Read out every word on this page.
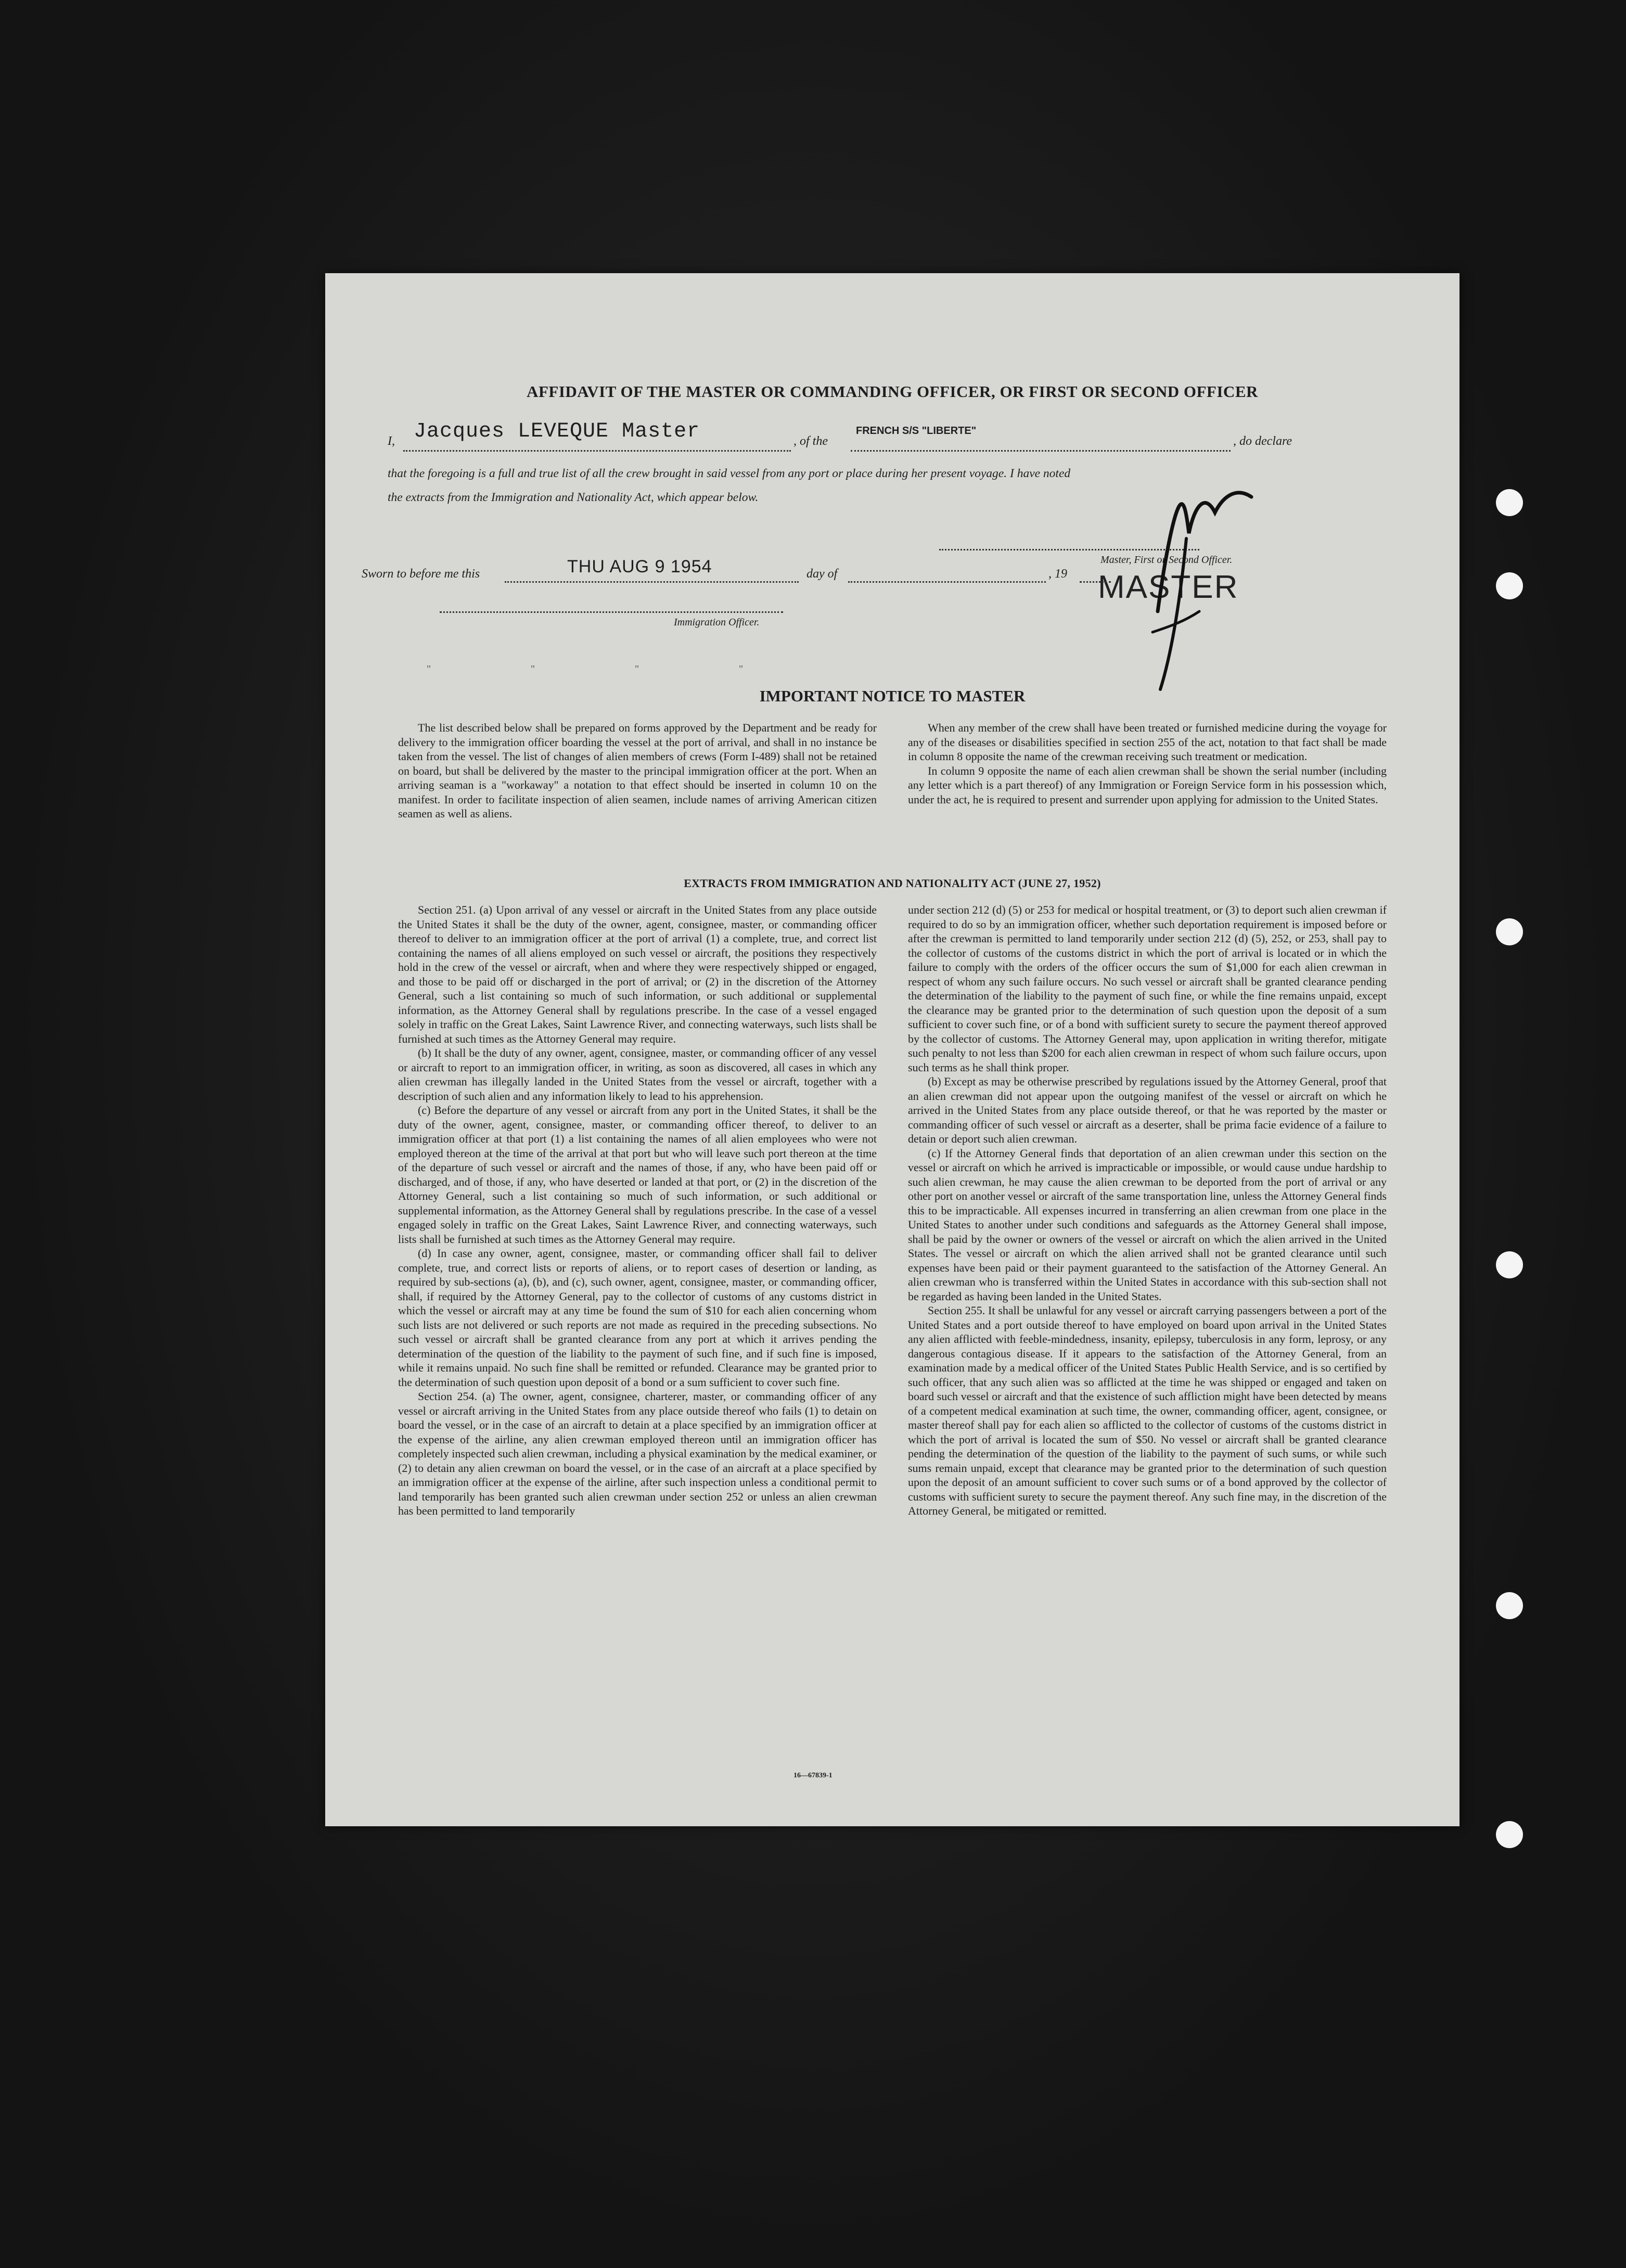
AFFIDAVIT OF THE MASTER OR COMMANDING OFFICER, OR FIRST OR SECOND OFFICER
I, Jacques LEVEQUE Master	, of the
FRENCH S/S "LIBERTE"
, do declare
that the foregoing is a full and true list of all the crew brought in said vessel from any port or place during her present voyage. I have noted
the extracts from the Immigration and Nationality Act, which appear below.
Master, First or Second Officer.
MASTER
Sworn to before me this	THU AUG 9 1954	day of	, 19
Immigration Officer.
"	"	"	"
IMPORTANT NOTICE TO MASTER

The list described below shall be prepared on forms approved by the Department and be ready for delivery to the immigration officer boarding the vessel at the port of arrival, and shall in no instance be taken from the vessel. The list of changes of alien members of crews (Form I-489) shall not be retained on board, but shall be delivered by the master to the principal immigration officer at the port. When an arriving seaman is a "workaway" a notation to that effect should be inserted in column 10 on the manifest. In order to facilitate inspection of alien seamen, include names of arriving American citizen seamen as well as aliens.

When any member of the crew shall have been treated or furnished medicine during the voyage for any of the diseases or disabilities specified in section 255 of the act, notation to that fact shall be made in column 8 opposite the name of the crewman receiving such treatment or medication.

In column 9 opposite the name of each alien crewman shall be shown the serial number (including any letter which is a part thereof) of any Immigration or Foreign Service form in his possession which, under the act, he is required to present and surrender upon applying for admission to the United States.

EXTRACTS FROM IMMIGRATION AND NATIONALITY ACT (JUNE 27, 1952)

Section 251. (a) Upon arrival of any vessel or aircraft in the United States from any place outside the United States it shall be the duty of the owner, agent, consignee, master, or commanding officer thereof to deliver to an immigration officer at the port of arrival (1) a complete, true, and correct list containing the names of all aliens employed on such vessel or aircraft, the positions they respectively hold in the crew of the vessel or aircraft, when and where they were respectively shipped or engaged, and those to be paid off or discharged in the port of arrival; or (2) in the discretion of the Attorney General, such a list containing so much of such information, or such additional or supplemental information, as the Attorney General shall by regulations prescribe. In the case of a vessel engaged solely in traffic on the Great Lakes, Saint Lawrence River, and connecting waterways, such lists shall be furnished at such times as the Attorney General may require.

(b) It shall be the duty of any owner, agent, consignee, master, or commanding officer of any vessel or aircraft to report to an immigration officer, in writing, as soon as discovered, all cases in which any alien crewman has illegally landed in the United States from the vessel or aircraft, together with a description of such alien and any information likely to lead to his apprehension.

(c) Before the departure of any vessel or aircraft from any port in the United States, it shall be the duty of the owner, agent, consignee, master, or commanding officer thereof, to deliver to an immigration officer at that port (1) a list containing the names of all alien employees who were not employed thereon at the time of the arrival at that port but who will leave such port thereon at the time of the departure of such vessel or aircraft and the names of those, if any, who have been paid off or discharged, and of those, if any, who have deserted or landed at that port, or (2) in the discretion of the Attorney General, such a list containing so much of such information, or such additional or supplemental information, as the Attorney General shall by regulations prescribe. In the case of a vessel engaged solely in traffic on the Great Lakes, Saint Lawrence River, and connecting waterways, such lists shall be furnished at such times as the Attorney General may require.

(d) In case any owner, agent, consignee, master, or commanding officer shall fail to deliver complete, true, and correct lists or reports of aliens, or to report cases of desertion or landing, as required by sub-sections (a), (b), and (c), such owner, agent, consignee, master, or commanding officer, shall, if required by the Attorney General, pay to the collector of customs of any customs district in which the vessel or aircraft may at any time be found the sum of $10 for each alien concerning whom such lists are not delivered or such reports are not made as required in the preceding subsections. No such vessel or aircraft shall be granted clearance from any port at which it arrives pending the determination of the question of the liability to the payment of such fine, and if such fine is imposed, while it remains unpaid. No such fine shall be remitted or refunded. Clearance may be granted prior to the determination of such question upon deposit of a bond or a sum sufficient to cover such fine.

Section 254. (a) The owner, agent, consignee, charterer, master, or commanding officer of any vessel or aircraft arriving in the United States from any place outside thereof who fails (1) to detain on board the vessel, or in the case of an aircraft to detain at a place specified by an immigration officer at the expense of the airline, any alien crewman employed thereon until an immigration officer has completely inspected such alien crewman, including a physical examination by the medical examiner, or (2) to detain any alien crewman on board the vessel, or in the case of an aircraft at a place specified by an immigration officer at the expense of the airline, after such inspection unless a conditional permit to land temporarily has been granted such alien crewman under section 252 or unless an alien crewman has been permitted to land temporarily

under section 212 (d) (5) or 253 for medical or hospital treatment, or (3) to deport such alien crewman if required to do so by an immigration officer, whether such deportation requirement is imposed before or after the crewman is permitted to land temporarily under section 212 (d) (5), 252, or 253, shall pay to the collector of customs of the customs district in which the port of arrival is located or in which the failure to comply with the orders of the officer occurs the sum of $1,000 for each alien crewman in respect of whom any such failure occurs. No such vessel or aircraft shall be granted clearance pending the determination of the liability to the payment of such fine, or while the fine remains unpaid, except the clearance may be granted prior to the determination of such question upon the deposit of a sum sufficient to cover such fine, or of a bond with sufficient surety to secure the payment thereof approved by the collector of customs. The Attorney General may, upon application in writing therefor, mitigate such penalty to not less than $200 for each alien crewman in respect of whom such failure occurs, upon such terms as he shall think proper.

(b) Except as may be otherwise prescribed by regulations issued by the Attorney General, proof that an alien crewman did not appear upon the outgoing manifest of the vessel or aircraft on which he arrived in the United States from any place outside thereof, or that he was reported by the master or commanding officer of such vessel or aircraft as a deserter, shall be prima facie evidence of a failure to detain or deport such alien crewman.

(c) If the Attorney General finds that deportation of an alien crewman under this section on the vessel or aircraft on which he arrived is impracticable or impossible, or would cause undue hardship to such alien crewman, he may cause the alien crewman to be deported from the port of arrival or any other port on another vessel or aircraft of the same transportation line, unless the Attorney General finds this to be impracticable. All expenses incurred in transferring an alien crewman from one place in the United States to another under such conditions and safeguards as the Attorney General shall impose, shall be paid by the owner or owners of the vessel or aircraft on which the alien arrived in the United States. The vessel or aircraft on which the alien arrived shall not be granted clearance until such expenses have been paid or their payment guaranteed to the satisfaction of the Attorney General. An alien crewman who is transferred within the United States in accordance with this sub-section shall not be regarded as having been landed in the United States.

Section 255. It shall be unlawful for any vessel or aircraft carrying passengers between a port of the United States and a port outside thereof to have employed on board upon arrival in the United States any alien afflicted with feeble-mindedness, insanity, epilepsy, tuberculosis in any form, leprosy, or any dangerous contagious disease. If it appears to the satisfaction of the Attorney General, from an examination made by a medical officer of the United States Public Health Service, and is so certified by such officer, that any such alien was so afflicted at the time he was shipped or engaged and taken on board such vessel or aircraft and that the existence of such affliction might have been detected by means of a competent medical examination at such time, the owner, commanding officer, agent, consignee, or master thereof shall pay for each alien so afflicted to the collector of customs of the customs district in which the port of arrival is located the sum of $50. No vessel or aircraft shall be granted clearance pending the determination of the question of the liability to the payment of such sums, or while such sums remain unpaid, except that clearance may be granted prior to the determination of such question upon the deposit of an amount sufficient to cover such sums or of a bond approved by the collector of customs with sufficient surety to secure the payment thereof. Any such fine may, in the discretion of the Attorney General, be mitigated or remitted.

16—67839-1
